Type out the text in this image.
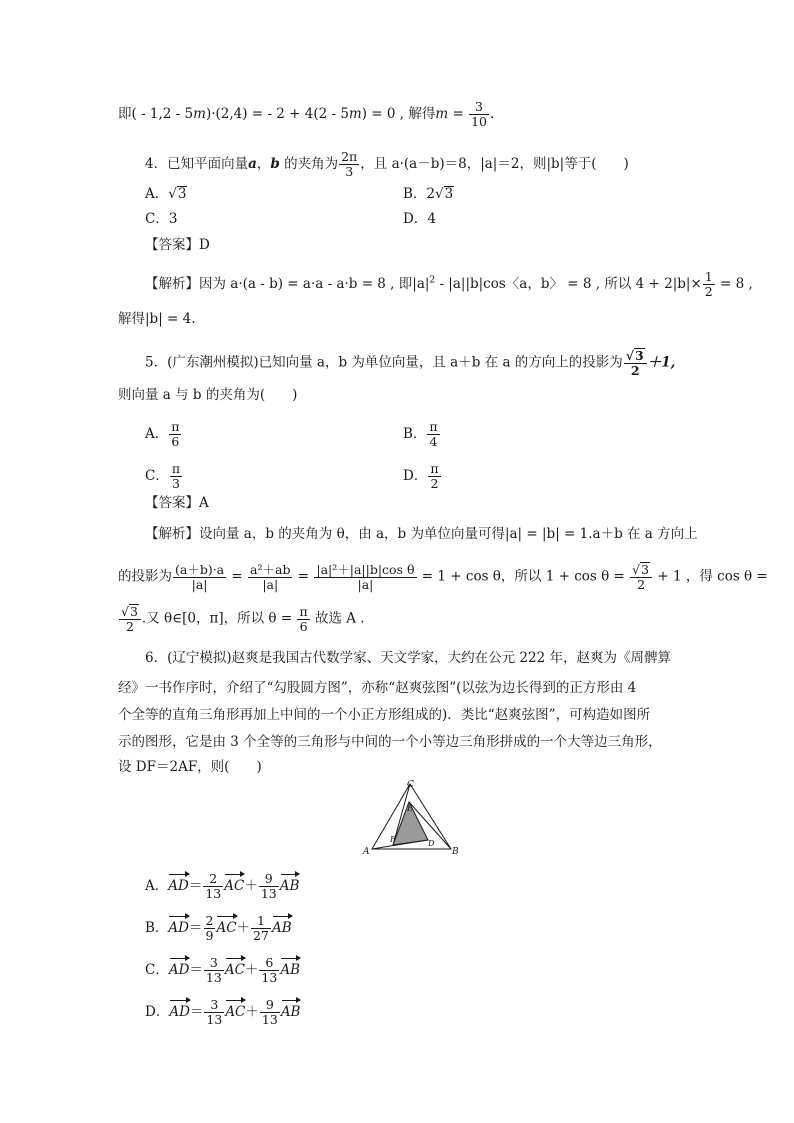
即( - 1,2 - 5m)·(2,4) = - 2 + 4(2 - 5m) = 0 , 解得$m = \frac{3}{10}$ .
4．已知平面向量a，b 的夹角为 $\frac{2\pi}{3}$ ，且 a·(a－b)＝8，|a|＝2，则|b|等于(　　)
A．√3	B．2√3
C．3	D．4
【答案】D
【解析】因为 a·(a - b) = a·a - a·b = 8 , 即$|a|^2 - |a||b|\cos$〈a，b〉 = 8 , 所以 $4 + 2|b|\times \frac{1}{2} = 8$ ,
解得|b| = 4.
5．(广东潮州模拟)已知向量 a，b 为单位向量，且 a＋b 在 a 的方向上的投影为 $\frac{√3}{2} +1$,
则向量 a 与 b 的夹角为(　　)
A． $\frac{\pi}{6}$	B． $\frac{\pi}{4}$
C． $\frac{\pi}{3}$	D． $\frac{\pi}{2}$
【答案】A
【解析】设向量 a，b 的夹角为 θ，由 a，b 为单位向量可得|a| = |b| = 1.a＋b 在 a 方向上
的投影为 $\frac{(a+b)\cdot a}{|a|} = \frac{\text{a²＋ab}}{|a|} = \frac{\text{|a|²＋|a||b|cos θ}}{|a|} = 1 + \cos \theta$，所以 $1 + \cos \theta = \frac{√3}{2} + 1$ ，得 cos θ =
$\frac{√3}{2}$ .又 θ∈[0，π]，所以 $\theta = \frac{\pi}{6}$ 故选 A .
6．(辽宁模拟)赵爽是我国古代数学家、天文学家，大约在公元 222 年，赵爽为《周髀算
经》一书作序时，介绍了“勾股圆方图”，亦称“赵爽弦图”(以弦为边长得到的正方形由 4
个全等的直角三角形再加上中间的一个小正方形组成的)．类比“赵爽弦图”，可构造如图所
示的图形，它是由 3 个全等的三角形与中间的一个小等边三角形拼成的一个大等边三角形，
设 DF＝2AF，则(　　)
A	B
C
D
E
F
A．$AD= \frac{2}{13} AC+ \frac{9}{13}$ AB
B．$AD= \frac{2}{9} AC+ \frac{1}{27}$ AB
C．$AD= \frac{3}{13} AC+ \frac{6}{13}$ AB
D．$AD= \frac{3}{13} AC+ \frac{9}{13}$ AB
